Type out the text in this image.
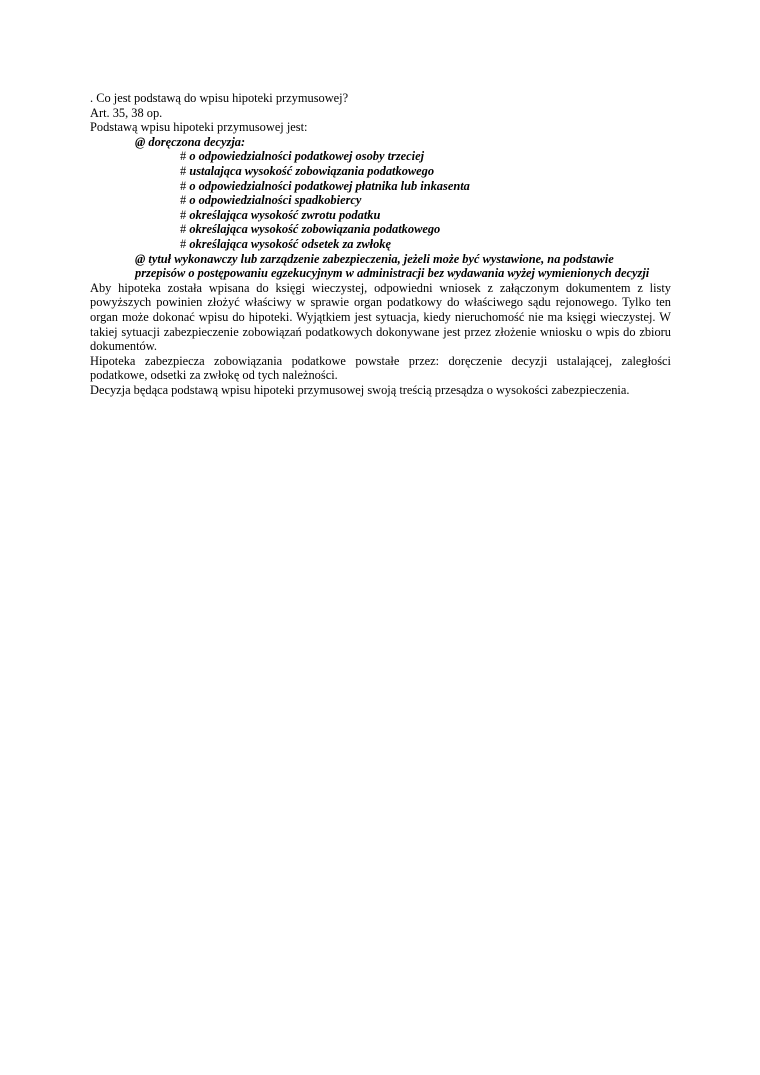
. Co jest podstawą do wpisu hipoteki przymusowej?
Art. 35, 38 op.
Podstawą wpisu hipoteki przymusowej jest:
@ doręczona decyzja:
# o odpowiedzialności podatkowej osoby trzeciej
# ustalająca wysokość zobowiązania podatkowego
# o odpowiedzialności podatkowej płatnika lub inkasenta
# o odpowiedzialności spadkobiercy
# określająca wysokość zwrotu podatku
# określająca wysokość zobowiązania podatkowego
# określająca wysokość odsetek za zwłokę
@ tytuł wykonawczy lub zarządzenie zabezpieczenia, jeżeli może być wystawione, na podstawie
przepisów o postępowaniu egzekucyjnym w administracji bez wydawania wyżej wymienionych decyzji

Aby hipoteka została wpisana do księgi wieczystej, odpowiedni wniosek z załączonym dokumentem z listy powyższych powinien złożyć właściwy w sprawie organ podatkowy do właściwego sądu rejonowego. Tylko ten organ może dokonać wpisu do hipoteki. Wyjątkiem jest sytuacja, kiedy nieruchomość nie ma księgi wieczystej. W takiej sytuacji zabezpieczenie zobowiązań podatkowych dokonywane jest przez złożenie wniosku o wpis do zbioru dokumentów.

Hipoteka zabezpiecza zobowiązania podatkowe powstałe przez: doręczenie decyzji ustalającej, zaległości podatkowe, odsetki za zwłokę od tych należności.

Decyzja będąca podstawą wpisu hipoteki przymusowej swoją treścią przesądza o wysokości zabezpieczenia.
